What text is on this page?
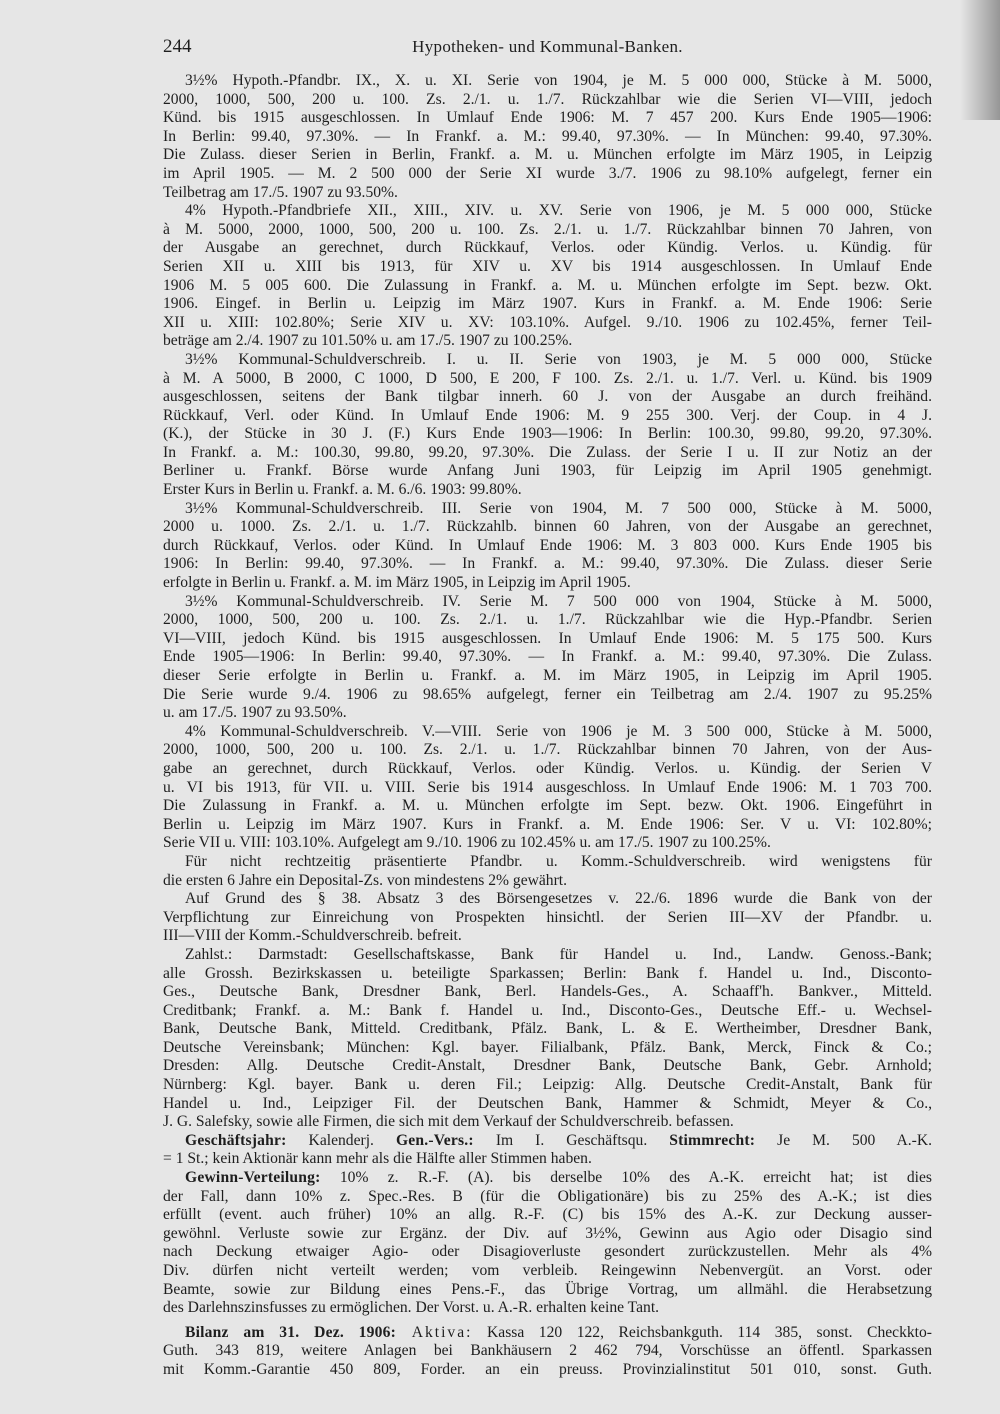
244	Hypotheken- und Kommunal-Banken.
3½% Hypoth.-Pfandbr. IX., X. u. XI. Serie von 1904, je M. 5 000 000, Stücke à M. 5000,
2000, 1000, 500, 200 u. 100. Zs. 2./1. u. 1./7. Rückzahlbar wie die Serien VI—VIII, jedoch
Künd. bis 1915 ausgeschlossen. In Umlauf Ende 1906: M. 7 457 200. Kurs Ende 1905—1906:
In Berlin: 99.40, 97.30%. — In Frankf. a. M.: 99.40, 97.30%. — In München: 99.40, 97.30%.
Die Zulass. dieser Serien in Berlin, Frankf. a. M. u. München erfolgte im März 1905, in Leipzig
im April 1905. — M. 2 500 000 der Serie XI wurde 3./7. 1906 zu 98.10% aufgelegt, ferner ein
Teilbetrag am 17./5. 1907 zu 93.50%.
4% Hypoth.-Pfandbriefe XII., XIII., XIV. u. XV. Serie von 1906, je M. 5 000 000, Stücke
à M. 5000, 2000, 1000, 500, 200 u. 100. Zs. 2./1. u. 1./7. Rückzahlbar binnen 70 Jahren, von
der Ausgabe an gerechnet, durch Rückkauf, Verlos. oder Kündig. Verlos. u. Kündig. für
Serien XII u. XIII bis 1913, für XIV u. XV bis 1914 ausgeschlossen. In Umlauf Ende
1906 M. 5 005 600. Die Zulassung in Frankf. a. M. u. München erfolgte im Sept. bezw. Okt.
1906. Eingef. in Berlin u. Leipzig im März 1907. Kurs in Frankf. a. M. Ende 1906: Serie
XII u. XIII: 102.80%; Serie XIV u. XV: 103.10%. Aufgel. 9./10. 1906 zu 102.45%, ferner Teil-
beträge am 2./4. 1907 zu 101.50% u. am 17./5. 1907 zu 100.25%.
3½% Kommunal-Schuldverschreib. I. u. II. Serie von 1903, je M. 5 000 000, Stücke
à M. A 5000, B 2000, C 1000, D 500, E 200, F 100. Zs. 2./1. u. 1./7. Verl. u. Künd. bis 1909
ausgeschlossen, seitens der Bank tilgbar innerh. 60 J. von der Ausgabe an durch freihänd.
Rückkauf, Verl. oder Künd. In Umlauf Ende 1906: M. 9 255 300. Verj. der Coup. in 4 J.
(K.), der Stücke in 30 J. (F.) Kurs Ende 1903—1906: In Berlin: 100.30, 99.80, 99.20, 97.30%.
In Frankf. a. M.: 100.30, 99.80, 99.20, 97.30%. Die Zulass. der Serie I u. II zur Notiz an der
Berliner u. Frankf. Börse wurde Anfang Juni 1903, für Leipzig im April 1905 genehmigt.
Erster Kurs in Berlin u. Frankf. a. M. 6./6. 1903: 99.80%.
3½% Kommunal-Schuldverschreib. III. Serie von 1904, M. 7 500 000, Stücke à M. 5000,
2000 u. 1000. Zs. 2./1. u. 1./7. Rückzahlb. binnen 60 Jahren, von der Ausgabe an gerechnet,
durch Rückkauf, Verlos. oder Künd. In Umlauf Ende 1906: M. 3 803 000. Kurs Ende 1905 bis
1906: In Berlin: 99.40, 97.30%. — In Frankf. a. M.: 99.40, 97.30%. Die Zulass. dieser Serie
erfolgte in Berlin u. Frankf. a. M. im März 1905, in Leipzig im April 1905.
3½% Kommunal-Schuldverschreib. IV. Serie M. 7 500 000 von 1904, Stücke à M. 5000,
2000, 1000, 500, 200 u. 100. Zs. 2./1. u. 1./7. Rückzahlbar wie die Hyp.-Pfandbr. Serien
VI—VIII, jedoch Künd. bis 1915 ausgeschlossen. In Umlauf Ende 1906: M. 5 175 500. Kurs
Ende 1905—1906: In Berlin: 99.40, 97.30%. — In Frankf. a. M.: 99.40, 97.30%. Die Zulass.
dieser Serie erfolgte in Berlin u. Frankf. a. M. im März 1905, in Leipzig im April 1905.
Die Serie wurde 9./4. 1906 zu 98.65% aufgelegt, ferner ein Teilbetrag am 2./4. 1907 zu 95.25%
u. am 17./5. 1907 zu 93.50%.
4% Kommunal-Schuldverschreib. V.—VIII. Serie von 1906 je M. 3 500 000, Stücke à M. 5000,
2000, 1000, 500, 200 u. 100. Zs. 2./1. u. 1./7. Rückzahlbar binnen 70 Jahren, von der Aus-
gabe an gerechnet, durch Rückkauf, Verlos. oder Kündig. Verlos. u. Kündig. der Serien V
u. VI bis 1913, für VII. u. VIII. Serie bis 1914 ausgeschloss. In Umlauf Ende 1906: M. 1 703 700.
Die Zulassung in Frankf. a. M. u. München erfolgte im Sept. bezw. Okt. 1906. Eingeführt in
Berlin u. Leipzig im März 1907. Kurs in Frankf. a. M. Ende 1906: Ser. V u. VI: 102.80%;
Serie VII u. VIII: 103.10%. Aufgelegt am 9./10. 1906 zu 102.45% u. am 17./5. 1907 zu 100.25%.
Für nicht rechtzeitig präsentierte Pfandbr. u. Komm.-Schuldverschreib. wird wenigstens für
die ersten 6 Jahre ein Deposital-Zs. von mindestens 2% gewährt.
Auf Grund des § 38. Absatz 3 des Börsengesetzes v. 22./6. 1896 wurde die Bank von der
Verpflichtung zur Einreichung von Prospekten hinsichtl. der Serien III—XV der Pfandbr. u.
III—VIII der Komm.-Schuldverschreib. befreit.
Zahlst.: Darmstadt: Gesellschaftskasse, Bank für Handel u. Ind., Landw. Genoss.-Bank;
alle Grossh. Bezirkskassen u. beteiligte Sparkassen; Berlin: Bank f. Handel u. Ind., Disconto-
Ges., Deutsche Bank, Dresdner Bank, Berl. Handels-Ges., A. Schaaff'h. Bankver., Mitteld.
Creditbank; Frankf. a. M.: Bank f. Handel u. Ind., Disconto-Ges., Deutsche Eff.- u. Wechsel-
Bank, Deutsche Bank, Mitteld. Creditbank, Pfälz. Bank, L. & E. Wertheimber, Dresdner Bank,
Deutsche Vereinsbank; München: Kgl. bayer. Filialbank, Pfälz. Bank, Merck, Finck & Co.;
Dresden: Allg. Deutsche Credit-Anstalt, Dresdner Bank, Deutsche Bank, Gebr. Arnhold;
Nürnberg: Kgl. bayer. Bank u. deren Fil.; Leipzig: Allg. Deutsche Credit-Anstalt, Bank für
Handel u. Ind., Leipziger Fil. der Deutschen Bank, Hammer & Schmidt, Meyer & Co.,
J. G. Salefsky, sowie alle Firmen, die sich mit dem Verkauf der Schuldverschreib. befassen.
Geschäftsjahr: Kalenderj. Gen.-Vers.: Im I. Geschäftsqu. Stimmrecht: Je M. 500 A.-K.
= 1 St.; kein Aktionär kann mehr als die Hälfte aller Stimmen haben.
Gewinn-Verteilung: 10% z. R.-F. (A). bis derselbe 10% des A.-K. erreicht hat; ist dies
der Fall, dann 10% z. Spec.-Res. B (für die Obligationäre) bis zu 25% des A.-K.; ist dies
erfüllt (event. auch früher) 10% an allg. R.-F. (C) bis 15% des A.-K. zur Deckung ausser-
gewöhnl. Verluste sowie zur Ergänz. der Div. auf 3½%, Gewinn aus Agio oder Disagio sind
nach Deckung etwaiger Agio- oder Disagioverluste gesondert zurückzustellen. Mehr als 4%
Div. dürfen nicht verteilt werden; vom verbleib. Reingewinn Nebenvergüt. an Vorst. oder
Beamte, sowie zur Bildung eines Pens.-F., das Übrige Vortrag, um allmähl. die Herabsetzung
des Darlehnszinsfusses zu ermöglichen. Der Vorst. u. A.-R. erhalten keine Tant.
Bilanz am 31. Dez. 1906: Aktiva: Kassa 120 122, Reichsbankguth. 114 385, sonst. Checkkto-
Guth. 343 819, weitere Anlagen bei Bankhäusern 2 462 794, Vorschüsse an öffentl. Sparkassen
mit Komm.-Garantie 450 809, Forder. an ein preuss. Provinzialinstitut 501 010, sonst. Guth.
